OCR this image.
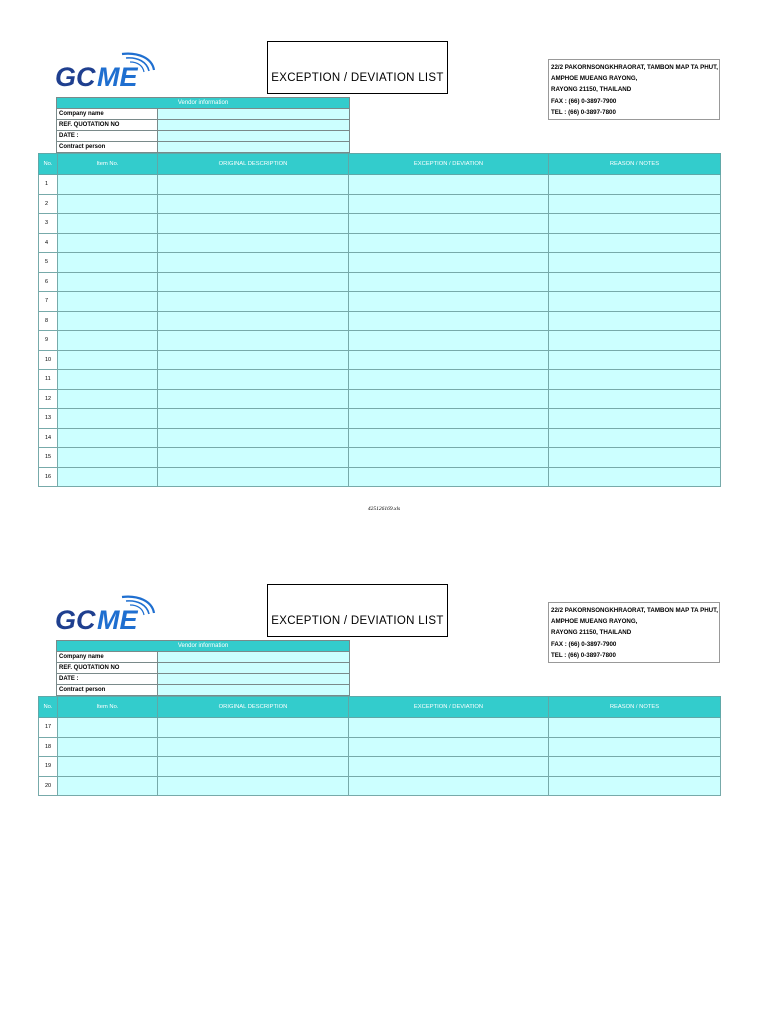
GC ME	EXCEPTION / DEVIATION LIST
22/2 PAKORNSONGKHRAORAT, TAMBON MAP TA PHUT,
AMPHOE MUEANG RAYONG,
RAYONG 21150, THAILAND
FAX : (66) 0-3897-7900
TEL : (66) 0-3897-7800
Vendor information	
Company name	
REF. QUOTATION NO	
DATE :	
Contract person	
No.	Item No.	ORIGINAL DESCRIPTION	EXCEPTION / DEVIATION	REASON / NOTES
1				
2				
3				
4				
5				
6				
7				
8				
9				
10				
11				
12				
13				
14				
15				
16				
425126169.xls
GC ME	EXCEPTION / DEVIATION LIST
22/2 PAKORNSONGKHRAORAT, TAMBON MAP TA PHUT,
AMPHOE MUEANG RAYONG,
RAYONG 21150, THAILAND
FAX : (66) 0-3897-7900
TEL : (66) 0-3897-7800
Vendor information	
Company name	
REF. QUOTATION NO	
DATE :	
Contract person	
No.	Item No.	ORIGINAL DESCRIPTION	EXCEPTION / DEVIATION	REASON / NOTES
17				
18				
19				
20				
